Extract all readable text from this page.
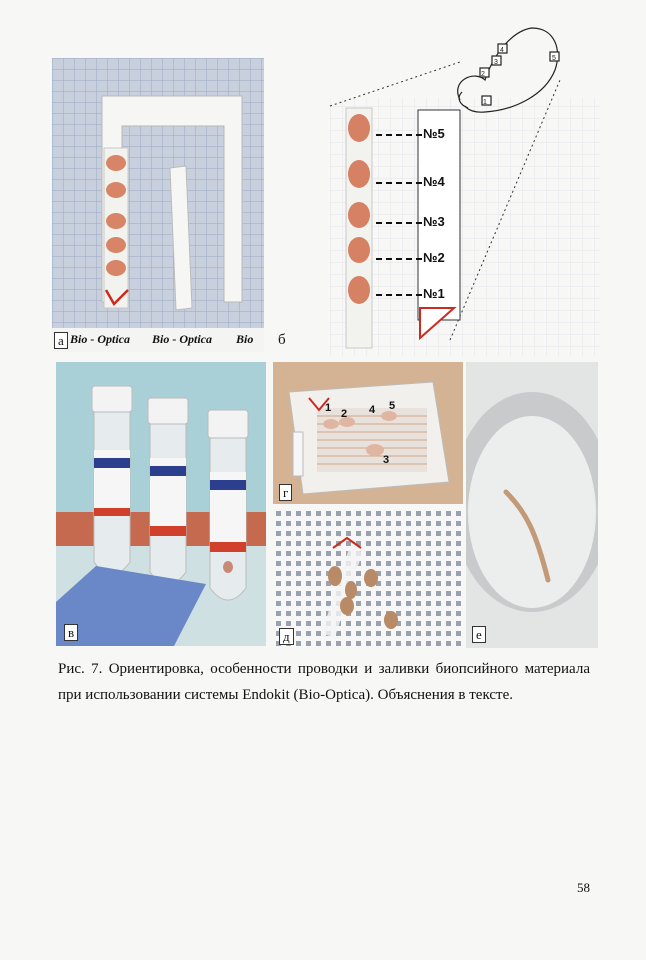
Bio - Optica Bio - Optica Bio
а
1
2
3
4
5
№5
№4
№3
№2
№1
б
в
1 2 4 5
3
г
д	е
Рис. 7. Ориентировка, особенности проводки и заливки биопсийного материала при использовании системы Endokit (Bio-Optica). Объяснения в тексте.
58
